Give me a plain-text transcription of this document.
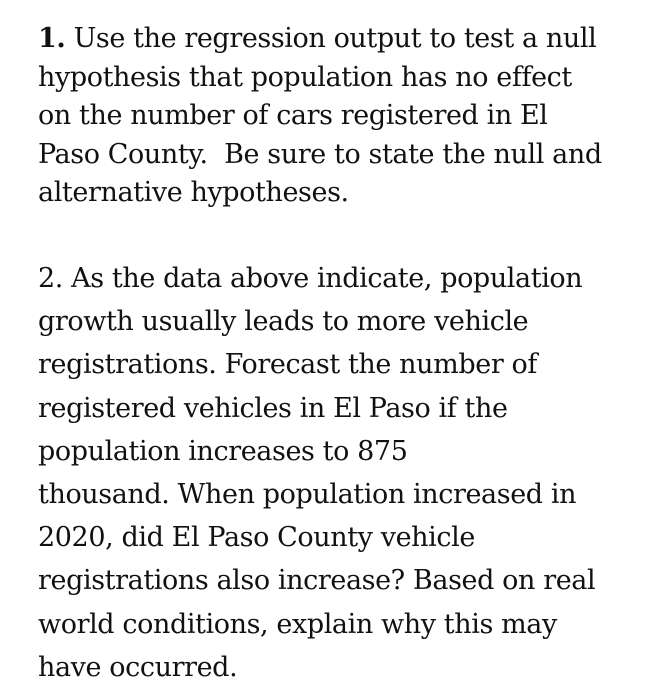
1. Use the regression output to test a null
hypothesis that population has no effect
on the number of cars registered in El
Paso County.  Be sure to state the null and
alternative hypotheses.
2. As the data above indicate, population
growth usually leads to more vehicle
registrations. Forecast the number of
registered vehicles in El Paso if the
population increases to 875
thousand. When population increased in
2020, did El Paso County vehicle
registrations also increase? Based on real
world conditions, explain why this may
have occurred.
